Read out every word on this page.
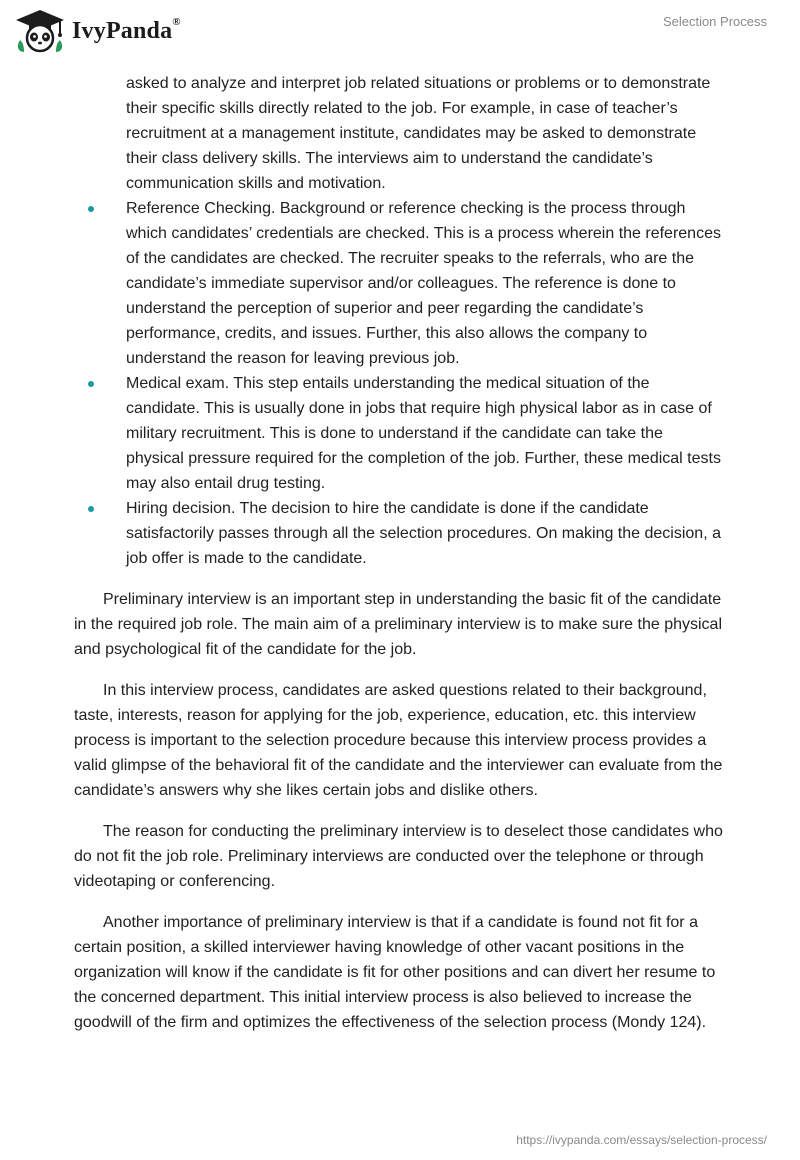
IvyPanda®	Selection Process
asked to analyze and interpret job related situations or problems or to demonstrate their specific skills directly related to the job. For example, in case of teacher’s recruitment at a management institute, candidates may be asked to demonstrate their class delivery skills. The interviews aim to understand the candidate’s communication skills and motivation.
Reference Checking. Background or reference checking is the process through which candidates’ credentials are checked. This is a process wherein the references of the candidates are checked. The recruiter speaks to the referrals, who are the candidate’s immediate supervisor and/or colleagues. The reference is done to understand the perception of superior and peer regarding the candidate’s performance, credits, and issues. Further, this also allows the company to understand the reason for leaving previous job.
Medical exam. This step entails understanding the medical situation of the candidate. This is usually done in jobs that require high physical labor as in case of military recruitment. This is done to understand if the candidate can take the physical pressure required for the completion of the job. Further, these medical tests may also entail drug testing.
Hiring decision. The decision to hire the candidate is done if the candidate satisfactorily passes through all the selection procedures. On making the decision, a job offer is made to the candidate.

Preliminary interview is an important step in understanding the basic fit of the candidate in the required job role. The main aim of a preliminary interview is to make sure the physical and psychological fit of the candidate for the job.

In this interview process, candidates are asked questions related to their background, taste, interests, reason for applying for the job, experience, education, etc. this interview process is important to the selection procedure because this interview process provides a valid glimpse of the behavioral fit of the candidate and the interviewer can evaluate from the candidate’s answers why she likes certain jobs and dislike others.

The reason for conducting the preliminary interview is to deselect those candidates who do not fit the job role. Preliminary interviews are conducted over the telephone or through videotaping or conferencing.

Another importance of preliminary interview is that if a candidate is found not fit for a certain position, a skilled interviewer having knowledge of other vacant positions in the organization will know if the candidate is fit for other positions and can divert her resume to the concerned department. This initial interview process is also believed to increase the goodwill of the firm and optimizes the effectiveness of the selection process (Mondy 124).

https://ivypanda.com/essays/selection-process/
